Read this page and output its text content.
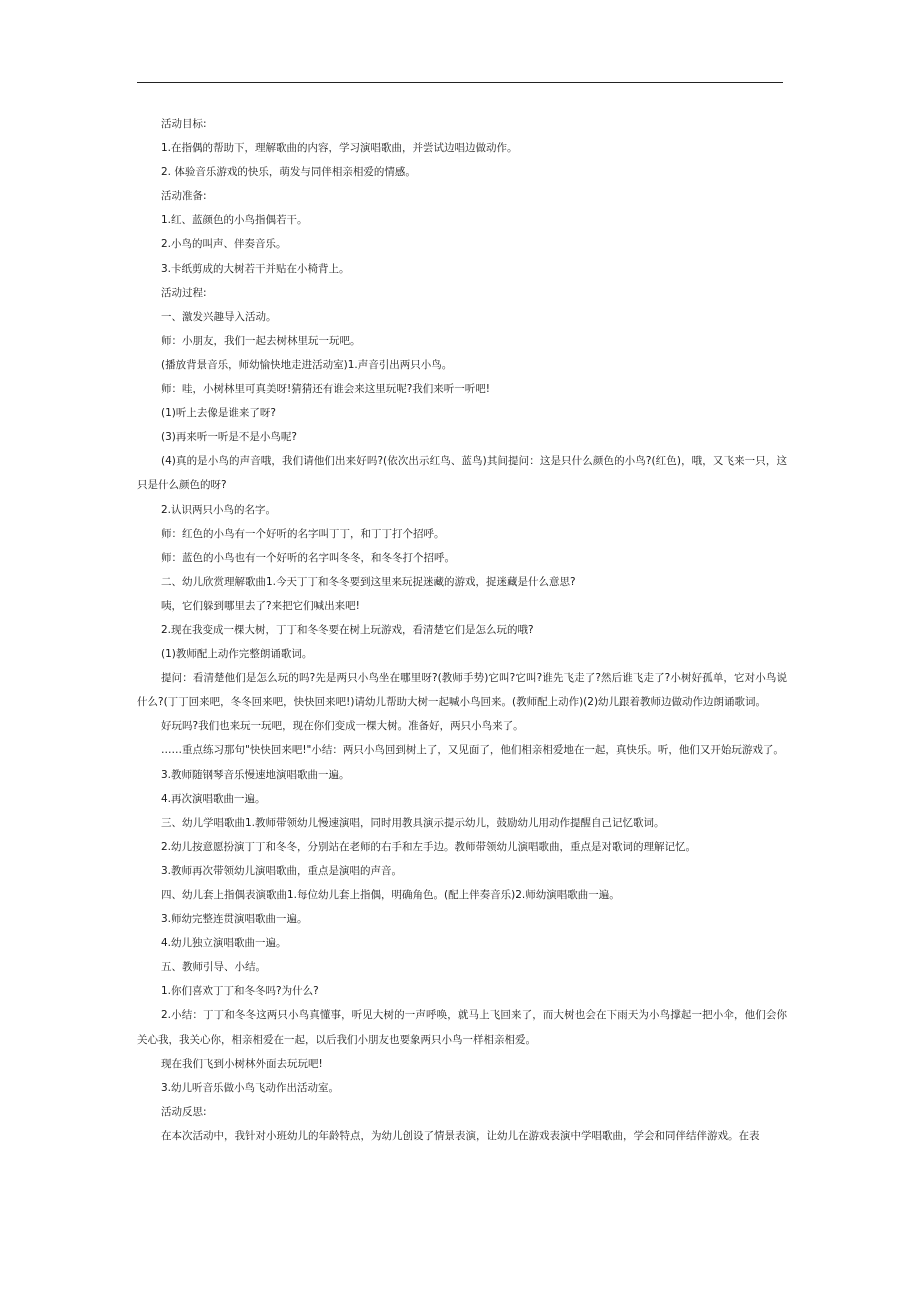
活动目标:
1.在指偶的帮助下，理解歌曲的内容，学习演唱歌曲，并尝试边唱边做动作。
2. 体验音乐游戏的快乐，萌发与同伴相亲相爱的情感。
活动准备:
1.红、蓝颜色的小鸟指偶若干。
2.小鸟的叫声、伴奏音乐。
3.卡纸剪成的大树若干并贴在小椅背上。
活动过程:
一、激发兴趣导入活动。
师：小朋友，我们一起去树林里玩一玩吧。
(播放背景音乐，师幼愉快地走进活动室)1.声音引出两只小鸟。
师：哇，小树林里可真美呀!猜猜还有谁会来这里玩呢?我们来听一听吧!
(1)听上去像是谁来了呀?
(3)再来听一听是不是小鸟呢?
(4)真的是小鸟的声音哦，我们请他们出来好吗?(依次出示红鸟、蓝鸟)其间提问：这是只什么颜色的小鸟?(红色)，哦，又飞来一只，这只是什么颜色的呀?
2.认识两只小鸟的名字。
师：红色的小鸟有一个好听的名字叫丁丁，和丁丁打个招呼。
师：蓝色的小鸟也有一个好听的名字叫冬冬，和冬冬打个招呼。
二、幼儿欣赏理解歌曲1.今天丁丁和冬冬要到这里来玩捉迷藏的游戏，捉迷藏是什么意思?
咦，它们躲到哪里去了?来把它们喊出来吧!
2.现在我变成一棵大树，丁丁和冬冬要在树上玩游戏，看清楚它们是怎么玩的哦?
(1)教师配上动作完整朗诵歌词。
提问：看清楚他们是怎么玩的吗?先是两只小鸟坐在哪里呀?(教师手势)它叫?它叫?谁先飞走了?然后谁飞走了?小树好孤单，它对小鸟说什么?(丁丁回来吧，冬冬回来吧，快快回来吧!)请幼儿帮助大树一起喊小鸟回来。(教师配上动作)(2)幼儿跟着教师边做动作边朗诵歌词。
好玩吗?我们也来玩一玩吧，现在你们变成一棵大树。准备好，两只小鸟来了。
……重点练习那句"快快回来吧!"小结：两只小鸟回到树上了，又见面了，他们相亲相爱地在一起，真快乐。听，他们又开始玩游戏了。
3.教师随钢琴音乐慢速地演唱歌曲一遍。
4.再次演唱歌曲一遍。
三、幼儿学唱歌曲1.教师带领幼儿慢速演唱，同时用教具演示提示幼儿，鼓励幼儿用动作提醒自己记忆歌词。
2.幼儿按意愿扮演丁丁和冬冬，分别站在老师的右手和左手边。教师带领幼儿演唱歌曲，重点是对歌词的理解记忆。
3.教师再次带领幼儿演唱歌曲，重点是演唱的声音。
四、幼儿套上指偶表演歌曲1.每位幼儿套上指偶，明确角色。(配上伴奏音乐)2.师幼演唱歌曲一遍。
3.师幼完整连贯演唱歌曲一遍。
4.幼儿独立演唱歌曲一遍。
五、教师引导、小结。
1.你们喜欢丁丁和冬冬吗?为什么?
2.小结：丁丁和冬冬这两只小鸟真懂事，听见大树的一声呼唤，就马上飞回来了，而大树也会在下雨天为小鸟撑起一把小伞，他们会你关心我，我关心你，相亲相爱在一起，以后我们小朋友也要象两只小鸟一样相亲相爱。
现在我们飞到小树林外面去玩玩吧!
3.幼儿听音乐做小鸟飞动作出活动室。
活动反思:
在本次活动中，我针对小班幼儿的年龄特点，为幼儿创设了情景表演，让幼儿在游戏表演中学唱歌曲，学会和同伴结伴游戏。在表
